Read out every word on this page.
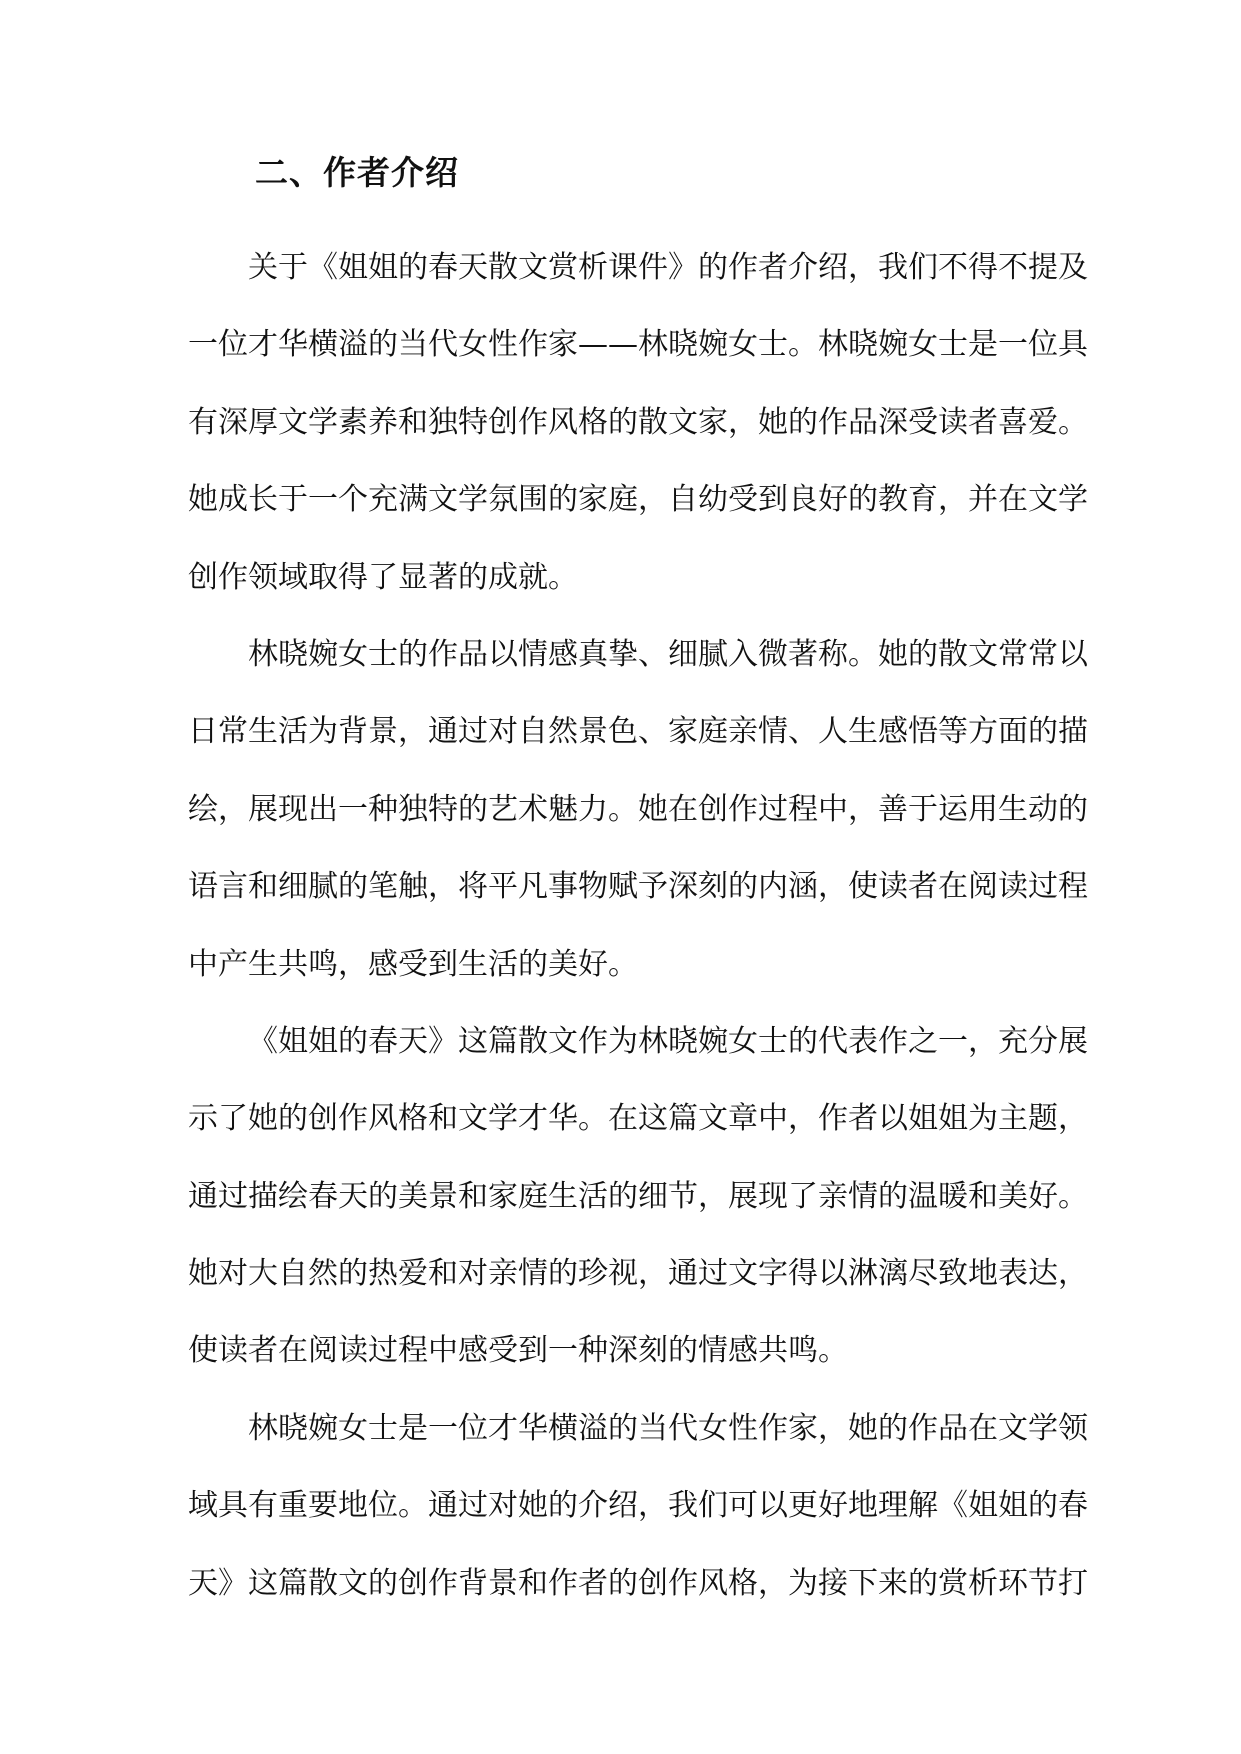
二、作者介绍
关于《姐姐的春天散文赏析课件》的作者介绍，我们不得不提及
一位才华横溢的当代女性作家——林晓婉女士。林晓婉女士是一位具
有深厚文学素养和独特创作风格的散文家，她的作品深受读者喜爱。
她成长于一个充满文学氛围的家庭，自幼受到良好的教育，并在文学
创作领域取得了显著的成就。
林晓婉女士的作品以情感真挚、细腻入微著称。她的散文常常以
日常生活为背景，通过对自然景色、家庭亲情、人生感悟等方面的描
绘，展现出一种独特的艺术魅力。她在创作过程中，善于运用生动的
语言和细腻的笔触，将平凡事物赋予深刻的内涵，使读者在阅读过程
中产生共鸣，感受到生活的美好。
《姐姐的春天》这篇散文作为林晓婉女士的代表作之一，充分展
示了她的创作风格和文学才华。在这篇文章中，作者以姐姐为主题，
通过描绘春天的美景和家庭生活的细节，展现了亲情的温暖和美好。
她对大自然的热爱和对亲情的珍视，通过文字得以淋漓尽致地表达，
使读者在阅读过程中感受到一种深刻的情感共鸣。
林晓婉女士是一位才华横溢的当代女性作家，她的作品在文学领
域具有重要地位。通过对她的介绍，我们可以更好地理解《姐姐的春
天》这篇散文的创作背景和作者的创作风格，为接下来的赏析环节打
